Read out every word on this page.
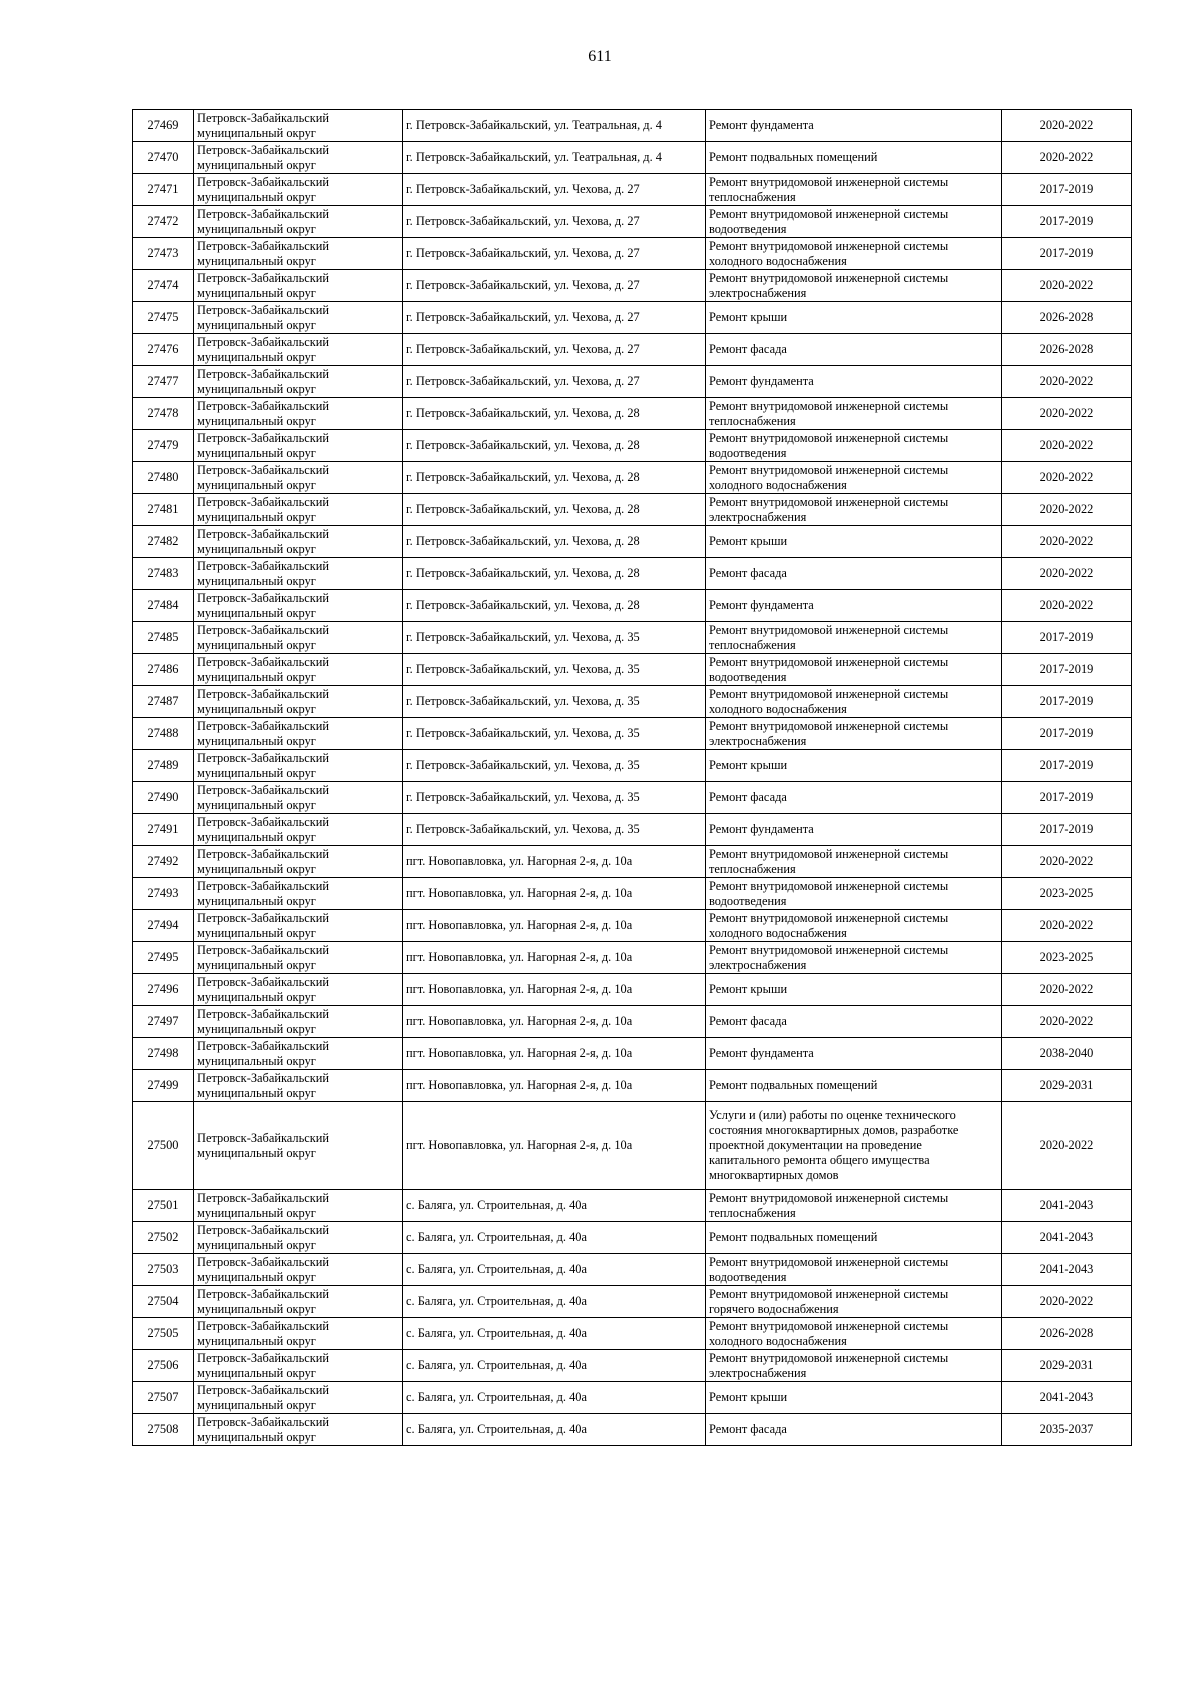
611
27469	Петровск-Забайкальский
муниципальный округ	г. Петровск-Забайкальский, ул. Театральная, д. 4	Ремонт фундамента	2020-2022

27470	Петровск-Забайкальский
муниципальный округ	г. Петровск-Забайкальский, ул. Театральная, д. 4	Ремонт подвальных помещений	2020-2022

27471	Петровск-Забайкальский
муниципальный округ	г. Петровск-Забайкальский, ул. Чехова, д. 27	Ремонт внутридомовой инженерной системы
теплоснабжения	2017-2019

27472	Петровск-Забайкальский
муниципальный округ	г. Петровск-Забайкальский, ул. Чехова, д. 27	Ремонт внутридомовой инженерной системы
водоотведения	2017-2019

27473	Петровск-Забайкальский
муниципальный округ	г. Петровск-Забайкальский, ул. Чехова, д. 27	Ремонт внутридомовой инженерной системы
холодного водоснабжения	2017-2019

27474	Петровск-Забайкальский
муниципальный округ	г. Петровск-Забайкальский, ул. Чехова, д. 27	Ремонт внутридомовой инженерной системы
электроснабжения	2020-2022

27475	Петровск-Забайкальский
муниципальный округ	г. Петровск-Забайкальский, ул. Чехова, д. 27	Ремонт крыши	2026-2028

27476	Петровск-Забайкальский
муниципальный округ	г. Петровск-Забайкальский, ул. Чехова, д. 27	Ремонт фасада	2026-2028

27477	Петровск-Забайкальский
муниципальный округ	г. Петровск-Забайкальский, ул. Чехова, д. 27	Ремонт фундамента	2020-2022

27478	Петровск-Забайкальский
муниципальный округ	г. Петровск-Забайкальский, ул. Чехова, д. 28	Ремонт внутридомовой инженерной системы
теплоснабжения	2020-2022

27479	Петровск-Забайкальский
муниципальный округ	г. Петровск-Забайкальский, ул. Чехова, д. 28	Ремонт внутридомовой инженерной системы
водоотведения	2020-2022

27480	Петровск-Забайкальский
муниципальный округ	г. Петровск-Забайкальский, ул. Чехова, д. 28	Ремонт внутридомовой инженерной системы
холодного водоснабжения	2020-2022

27481	Петровск-Забайкальский
муниципальный округ	г. Петровск-Забайкальский, ул. Чехова, д. 28	Ремонт внутридомовой инженерной системы
электроснабжения	2020-2022

27482	Петровск-Забайкальский
муниципальный округ	г. Петровск-Забайкальский, ул. Чехова, д. 28	Ремонт крыши	2020-2022

27483	Петровск-Забайкальский
муниципальный округ	г. Петровск-Забайкальский, ул. Чехова, д. 28	Ремонт фасада	2020-2022

27484	Петровск-Забайкальский
муниципальный округ	г. Петровск-Забайкальский, ул. Чехова, д. 28	Ремонт фундамента	2020-2022

27485	Петровск-Забайкальский
муниципальный округ	г. Петровск-Забайкальский, ул. Чехова, д. 35	Ремонт внутридомовой инженерной системы
теплоснабжения	2017-2019

27486	Петровск-Забайкальский
муниципальный округ	г. Петровск-Забайкальский, ул. Чехова, д. 35	Ремонт внутридомовой инженерной системы
водоотведения	2017-2019

27487	Петровск-Забайкальский
муниципальный округ	г. Петровск-Забайкальский, ул. Чехова, д. 35	Ремонт внутридомовой инженерной системы
холодного водоснабжения	2017-2019

27488	Петровск-Забайкальский
муниципальный округ	г. Петровск-Забайкальский, ул. Чехова, д. 35	Ремонт внутридомовой инженерной системы
электроснабжения	2017-2019

27489	Петровск-Забайкальский
муниципальный округ	г. Петровск-Забайкальский, ул. Чехова, д. 35	Ремонт крыши	2017-2019

27490	Петровск-Забайкальский
муниципальный округ	г. Петровск-Забайкальский, ул. Чехова, д. 35	Ремонт фасада	2017-2019

27491	Петровск-Забайкальский
муниципальный округ	г. Петровск-Забайкальский, ул. Чехова, д. 35	Ремонт фундамента	2017-2019

27492	Петровск-Забайкальский
муниципальный округ	пгт. Новопавловка, ул. Нагорная 2-я, д. 10а	Ремонт внутридомовой инженерной системы
теплоснабжения	2020-2022

27493	Петровск-Забайкальский
муниципальный округ	пгт. Новопавловка, ул. Нагорная 2-я, д. 10а	Ремонт внутридомовой инженерной системы
водоотведения	2023-2025

27494	Петровск-Забайкальский
муниципальный округ	пгт. Новопавловка, ул. Нагорная 2-я, д. 10а	Ремонт внутридомовой инженерной системы
холодного водоснабжения	2020-2022

27495	Петровск-Забайкальский
муниципальный округ	пгт. Новопавловка, ул. Нагорная 2-я, д. 10а	Ремонт внутридомовой инженерной системы
электроснабжения	2023-2025

27496	Петровск-Забайкальский
муниципальный округ	пгт. Новопавловка, ул. Нагорная 2-я, д. 10а	Ремонт крыши	2020-2022

27497	Петровск-Забайкальский
муниципальный округ	пгт. Новопавловка, ул. Нагорная 2-я, д. 10а	Ремонт фасада	2020-2022

27498	Петровск-Забайкальский
муниципальный округ	пгт. Новопавловка, ул. Нагорная 2-я, д. 10а	Ремонт фундамента	2038-2040

27499	Петровск-Забайкальский
муниципальный округ	пгт. Новопавловка, ул. Нагорная 2-я, д. 10а	Ремонт подвальных помещений	2029-2031

27500	Петровск-Забайкальский
муниципальный округ	пгт. Новопавловка, ул. Нагорная 2-я, д. 10а	Услуги и (или) работы по оценке технического
состояния многоквартирных домов, разработке
проектной документации на проведение
капитального ремонта общего имущества
многоквартирных домов	2020-2022

27501	Петровск-Забайкальский
муниципальный округ	с. Баляга, ул. Строительная, д. 40а	Ремонт внутридомовой инженерной системы
теплоснабжения	2041-2043

27502	Петровск-Забайкальский
муниципальный округ	с. Баляга, ул. Строительная, д. 40а	Ремонт подвальных помещений	2041-2043

27503	Петровск-Забайкальский
муниципальный округ	с. Баляга, ул. Строительная, д. 40а	Ремонт внутридомовой инженерной системы
водоотведения	2041-2043

27504	Петровск-Забайкальский
муниципальный округ	с. Баляга, ул. Строительная, д. 40а	Ремонт внутридомовой инженерной системы
горячего водоснабжения	2020-2022

27505	Петровск-Забайкальский
муниципальный округ	с. Баляга, ул. Строительная, д. 40а	Ремонт внутридомовой инженерной системы
холодного водоснабжения	2026-2028

27506	Петровск-Забайкальский
муниципальный округ	с. Баляга, ул. Строительная, д. 40а	Ремонт внутридомовой инженерной системы
электроснабжения	2029-2031

27507	Петровск-Забайкальский
муниципальный округ	с. Баляга, ул. Строительная, д. 40а	Ремонт крыши	2041-2043

27508	Петровск-Забайкальский
муниципальный округ	с. Баляга, ул. Строительная, д. 40а	Ремонт фасада	2035-2037
